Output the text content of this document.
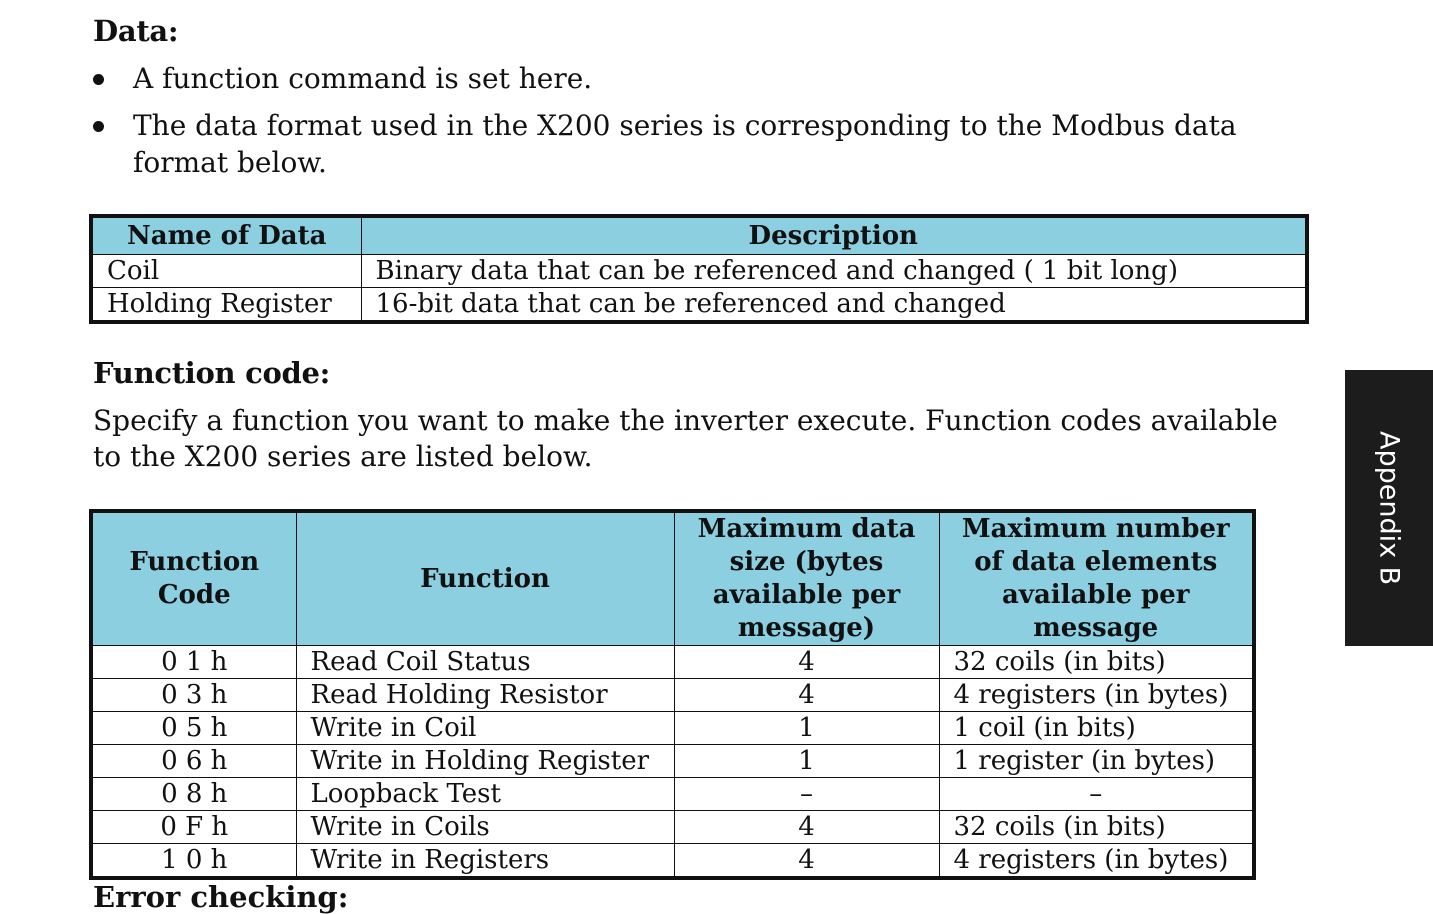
Data:
A function command is set here.
The data format used in the X200 series is corresponding to the Modbus data format below.
Name of Data	Description
Coil	Binary data that can be referenced and changed ( 1 bit long)
Holding Register	16-bit data that can be referenced and changed
Function code:

Specify a function you want to make the inverter execute. Function codes available to the X200 series are listed below.

Function Code	Function	Maximum data size (bytes available per message)	Maximum number of data elements available per message
0 1 h	Read Coil Status	4	32 coils (in bits)
0 3 h	Read Holding Resistor	4	4 registers (in bytes)
0 5 h	Write in Coil	1	1 coil (in bits)
0 6 h	Write in Holding Register	1	1 register (in bytes)
0 8 h	Loopback Test	–	–
0 F h	Write in Coils	4	32 coils (in bits)
1 0 h	Write in Registers	4	4 registers (in bytes)
Error checking:
Appendix B
